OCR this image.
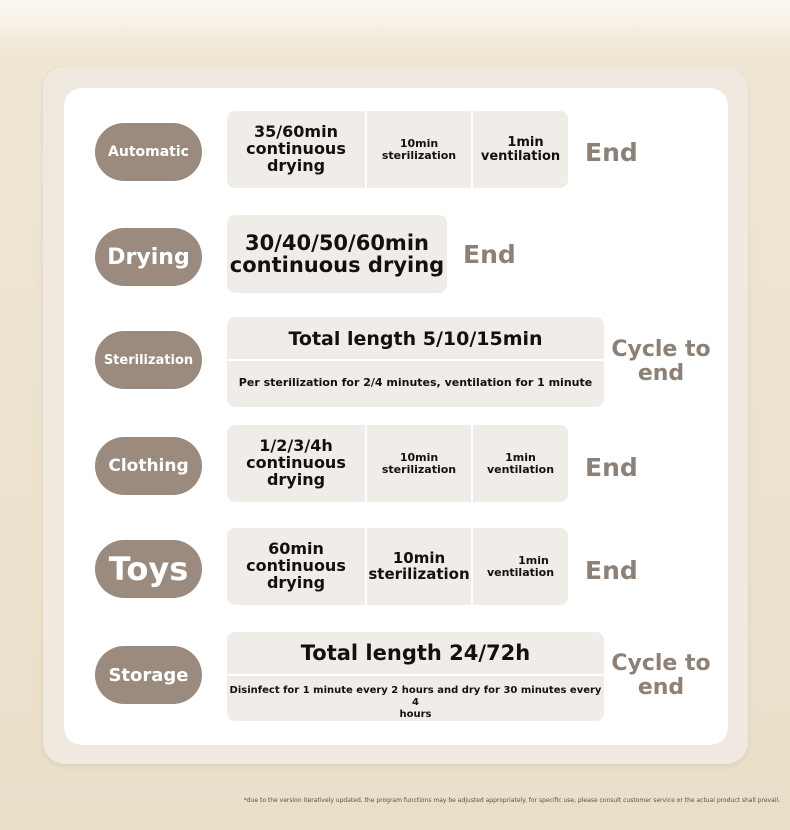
Automatic
35/60min
continuous
drying
10min
sterilization
1min
ventilation End
Drying
30/40/50/60min
continuous drying End
Sterilization
Total length 5/10/15min
Per sterilization for 2/4 minutes, ventilation for 1 minute
Cycle to
end
Clothing
1/2/3/4h
continuous
drying
10min
sterilization
1min
ventilation End
Toys
60min
continuous
drying
10min
sterilization
1min
ventilation End
Storage
Total length 24/72h
Disinfect for 1 minute every 2 hours and dry for 30 minutes every 4
hours
Cycle to
end
*due to the version iteratively updated, the program functions may be adjusted appropriately. for specific use, please consult customer service or the actual product shall prevail.
